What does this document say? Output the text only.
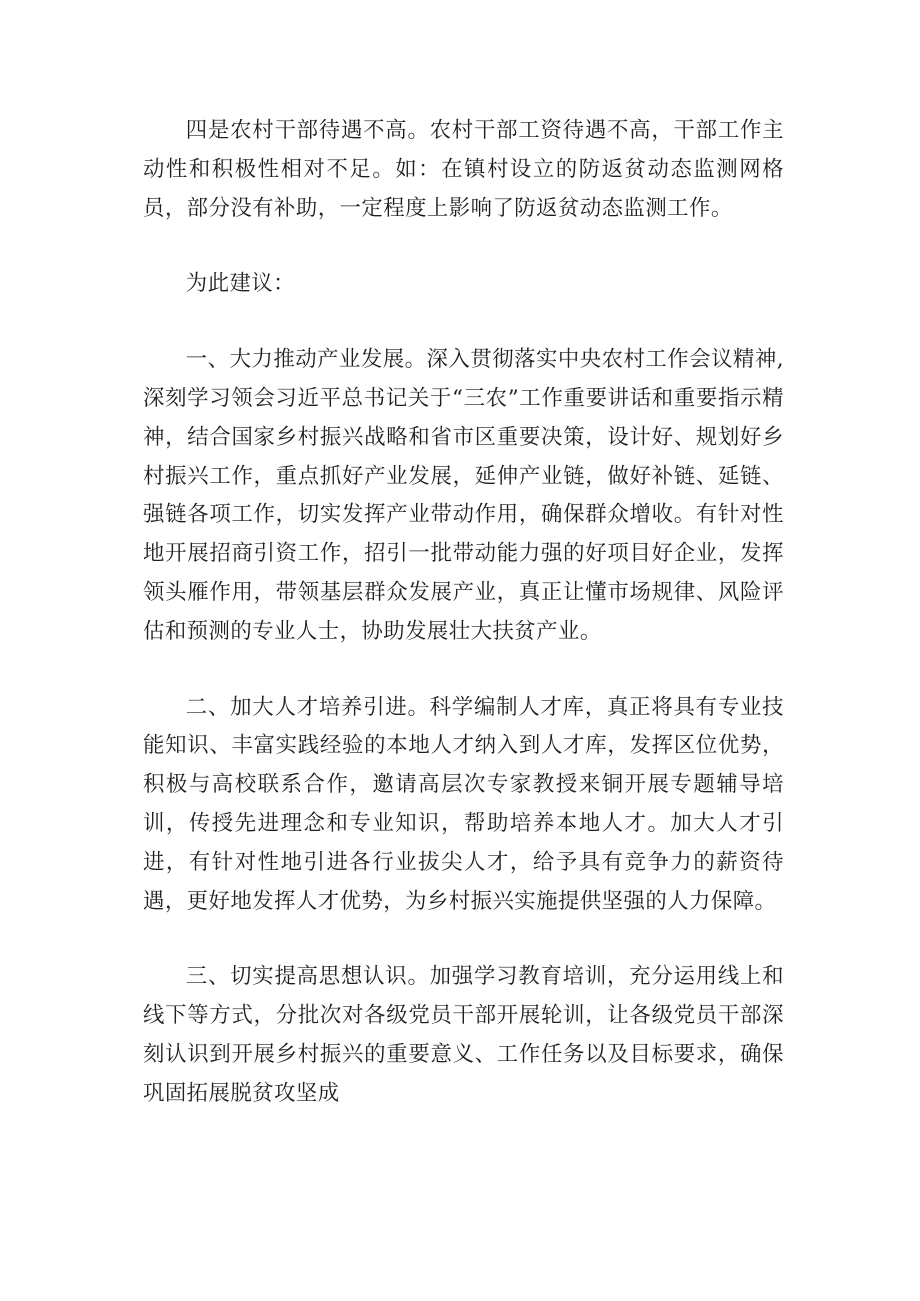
四是农村干部待遇不高。农村干部工资待遇不高，干部工作主动性和积极性相对不足。如：在镇村设立的防返贫动态监测网格员，部分没有补助，一定程度上影响了防返贫动态监测工作。

为此建议：

一、大力推动产业发展。深入贯彻落实中央农村工作会议精神,深刻学习领会习近平总书记关于“三农”工作重要讲话和重要指示精神，结合国家乡村振兴战略和省市区重要决策，设计好、规划好乡村振兴工作，重点抓好产业发展，延伸产业链，做好补链、延链、强链各项工作，切实发挥产业带动作用，确保群众增收。有针对性地开展招商引资工作，招引一批带动能力强的好项目好企业，发挥领头雁作用，带领基层群众发展产业，真正让懂市场规律、风险评估和预测的专业人士，协助发展壮大扶贫产业。

二、加大人才培养引进。科学编制人才库，真正将具有专业技能知识、丰富实践经验的本地人才纳入到人才库，发挥区位优势，积极与高校联系合作，邀请高层次专家教授来铜开展专题辅导培训，传授先进理念和专业知识，帮助培养本地人才。加大人才引进，有针对性地引进各行业拔尖人才，给予具有竞争力的薪资待遇，更好地发挥人才优势，为乡村振兴实施提供坚强的人力保障。

三、切实提高思想认识。加强学习教育培训，充分运用线上和线下等方式，分批次对各级党员干部开展轮训，让各级党员干部深刻认识到开展乡村振兴的重要意义、工作任务以及目标要求，确保巩固拓展脱贫攻坚成
